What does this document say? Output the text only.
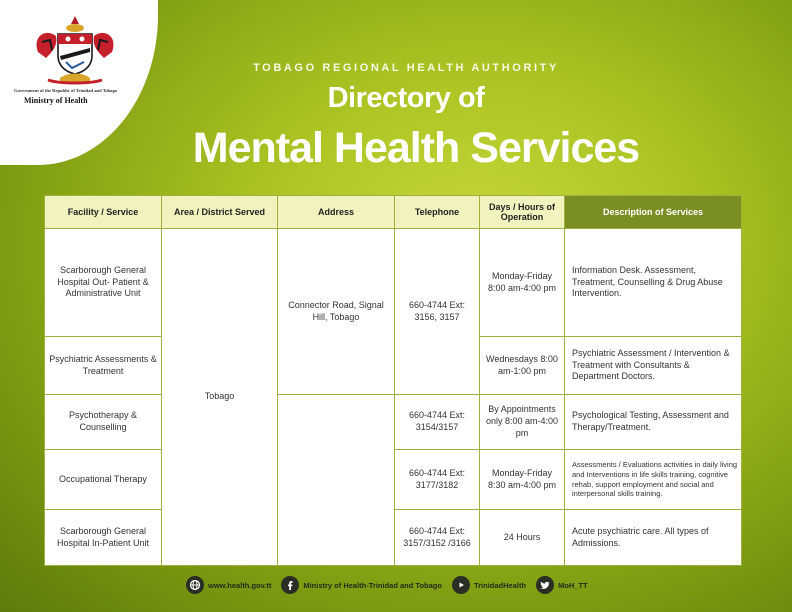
Government of the Republic of Trinidad and Tobago
Ministry of Health
TOBAGO REGIONAL HEALTH AUTHORITY
Directory of
Mental Health Services
Facility / Service	Area / District Served	Address	Telephone	Days / Hours of Operation	Description of Services
Scarborough General Hospital Out- Patient & Administrative Unit	Tobago	Connector Road, Signal Hill, Tobago	660-4744 Ext: 3156, 3157	Monday-Friday 8:00 am-4:00 pm	Information Desk. Assessment, Treatment, Counselling & Drug Abuse Intervention.
Psychiatric Assessments & Treatment				Wednesdays 8:00 am-1:00 pm	Psychiatric Assessment / Intervention & Treatment with Consultants & Department Doctors.
Psychotherapy & Counselling			660-4744 Ext: 3154/3157	By Appointments only 8:00 am-4:00 pm	Psychological Testing, Assessment and Therapy/Treatment.
Occupational Therapy			660-4744 Ext: 3177/3182	Monday-Friday 8:30 am-4:00 pm	Assessments / Evaluations activities in daily living and Interventions in life skills training, cognitive rehab, support employment and social and interpersonal skills training.
Scarborough General Hospital In-Patient Unit			660-4744 Ext: 3157/3152 /3166	24 Hours	Acute psychiatric care. All types of Admissions.
www.health.gov.tt	Ministry of Health-Trinidad and Tobago	TrinidadHealth	MoH_TT
